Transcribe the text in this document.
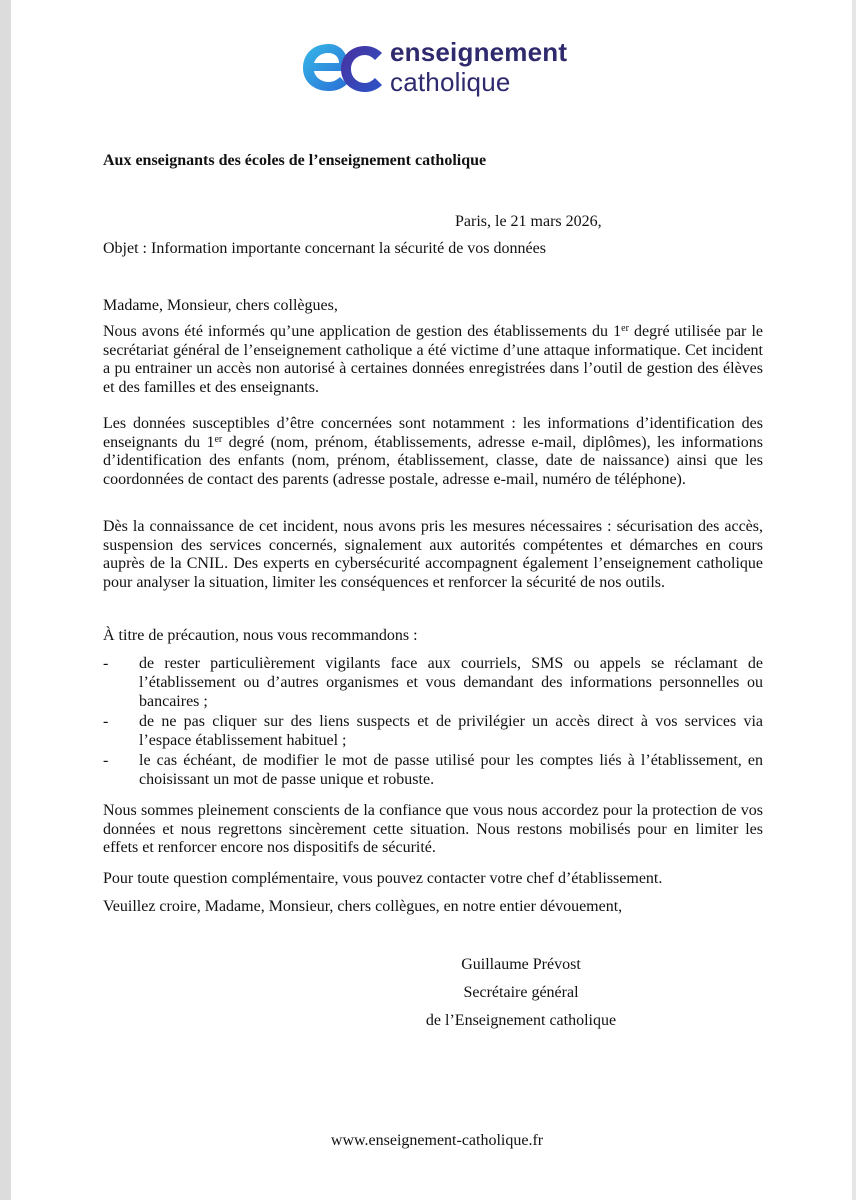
enseignement
catholique
Aux enseignants des écoles de l’enseignement catholique
Paris, le 21 mars 2026,
Objet : Information importante concernant la sécurité de vos données
Madame, Monsieur, chers collègues,
Nous avons été informés qu’une application de gestion des établissements du 1er degré utilisée par le secrétariat général de l’enseignement catholique a été victime d’une attaque informatique. Cet incident a pu entrainer un accès non autorisé à certaines données enregistrées dans l’outil de gestion des élèves et des familles et des enseignants.
Les données susceptibles d’être concernées sont notamment : les informations d’identification des enseignants du 1er degré (nom, prénom, établissements, adresse e-mail, diplômes), les informations d’identification des enfants (nom, prénom, établissement, classe, date de naissance) ainsi que les coordonnées de contact des parents (adresse postale, adresse e-mail, numéro de téléphone).
Dès la connaissance de cet incident, nous avons pris les mesures nécessaires : sécurisation des accès, suspension des services concernés, signalement aux autorités compétentes et démarches en cours auprès de la CNIL. Des experts en cybersécurité accompagnent également l’enseignement catholique pour analyser la situation, limiter les conséquences et renforcer la sécurité de nos outils.
À titre de précaution, nous vous recommandons :
- de rester particulièrement vigilants face aux courriels, SMS ou appels se réclamant de l’établissement ou d’autres organismes et vous demandant des informations personnelles ou bancaires ;
- de ne pas cliquer sur des liens suspects et de privilégier un accès direct à vos services via l’espace établissement habituel ;
- le cas échéant, de modifier le mot de passe utilisé pour les comptes liés à l’établissement, en choisissant un mot de passe unique et robuste.
Nous sommes pleinement conscients de la confiance que vous nous accordez pour la protection de vos données et nous regrettons sincèrement cette situation. Nous restons mobilisés pour en limiter les effets et renforcer encore nos dispositifs de sécurité.
Pour toute question complémentaire, vous pouvez contacter votre chef d’établissement.
Veuillez croire, Madame, Monsieur, chers collègues, en notre entier dévouement,
Guillaume Prévost
Secrétaire général
de l’Enseignement catholique
www.enseignement-catholique.fr
